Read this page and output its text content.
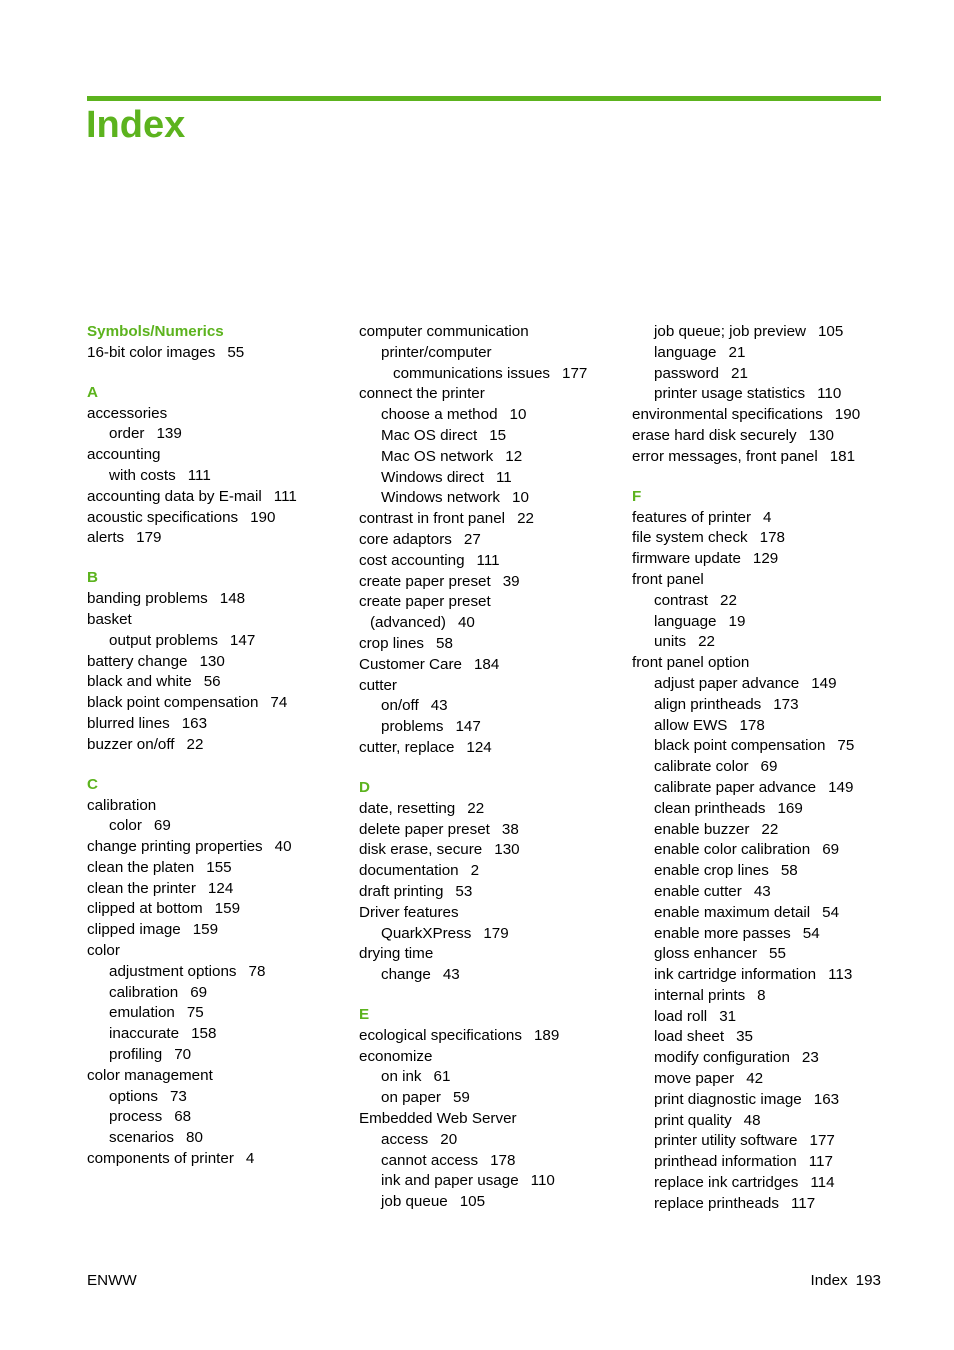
Index
Symbols/Numerics
16-bit color images 55
A
accessories
order 139
accounting
with costs 111
accounting data by E-mail 111
acoustic specifications 190
alerts 179
B
banding problems 148
basket
output problems 147
battery change 130
black and white 56
black point compensation 74
blurred lines 163
buzzer on/off 22
C
calibration
color 69
change printing properties 40
clean the platen 155
clean the printer 124
clipped at bottom 159
clipped image 159
color
adjustment options 78
calibration 69
emulation 75
inaccurate 158
profiling 70
color management
options 73
process 68
scenarios 80
components of printer 4
computer communication
printer/computer
communications issues 177
connect the printer
choose a method 10
Mac OS direct 15
Mac OS network 12
Windows direct 11
Windows network 10
contrast in front panel 22
core adaptors 27
cost accounting 111
create paper preset 39
create paper preset
(advanced) 40
crop lines 58
Customer Care 184
cutter
on/off 43
problems 147
cutter, replace 124
D
date, resetting 22
delete paper preset 38
disk erase, secure 130
documentation 2
draft printing 53
Driver features
QuarkXPress 179
drying time
change 43
E
ecological specifications 189
economize
on ink 61
on paper 59
Embedded Web Server
access 20
cannot access 178
ink and paper usage 110
job queue 105
job queue; job preview 105
language 21
password 21
printer usage statistics 110
environmental specifications 190
erase hard disk securely 130
error messages, front panel 181
F
features of printer 4
file system check 178
firmware update 129
front panel
contrast 22
language 19
units 22
front panel option
adjust paper advance 149
align printheads 173
allow EWS 178
black point compensation 75
calibrate color 69
calibrate paper advance 149
clean printheads 169
enable buzzer 22
enable color calibration 69
enable crop lines 58
enable cutter 43
enable maximum detail 54
enable more passes 54
gloss enhancer 55
ink cartridge information 113
internal prints 8
load roll 31
load sheet 35
modify configuration 23
move paper 42
print diagnostic image 163
print quality 48
printer utility software 177
printhead information 117
replace ink cartridges 114
replace printheads 117
ENWW	Index 193
